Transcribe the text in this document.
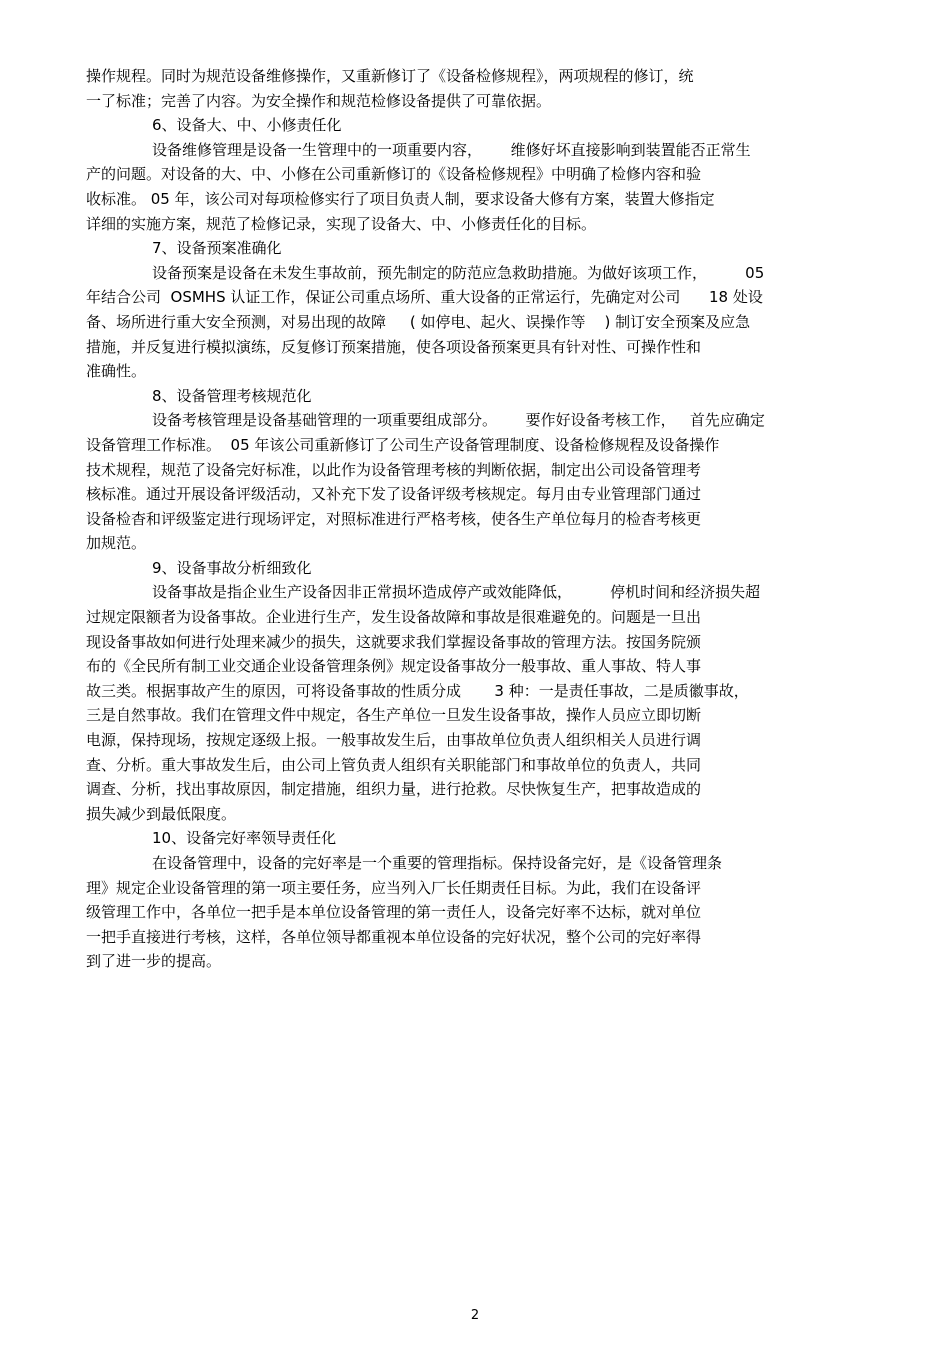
操作规程。同时为规范设备维修操作，又重新修订了《设备检修规程》，两项规程的修订，统
一了标准；完善了内容。为安全操作和规范检修设备提供了可靠依据。
6、设备大、中、小修责任化
设备维修管理是设备一生管理中的一项重要内容，      维修好坏直接影响到装置能否正常生
产的问题。对设备的大、中、小修在公司重新修订的《设备检修规程》中明确了检修内容和验
收标准。 05 年，该公司对每项检修实行了项目负责人制，要求设备大修有方案，装置大修指定
详细的实施方案，规范了检修记录，实现了设备大、中、小修责任化的目标。
7、设备预案准确化
设备预案是设备在未发生事故前，预先制定的防范应急救助措施。为做好该项工作，        05
年结合公司  OSMHS 认证工作，保证公司重点场所、重大设备的正常运行，先确定对公司      18 处设
备、场所进行重大安全预测，对易出现的故障     ( 如停电、起火、误操作等    ) 制订安全预案及应急
措施，并反复进行模拟演练，反复修订预案措施，使各项设备预案更具有针对性、可操作性和
准确性。
8、设备管理考核规范化
设备考核管理是设备基础管理的一项重要组成部分。      要作好设备考核工作，   首先应确定
设备管理工作标准。  05 年该公司重新修订了公司生产设备管理制度、设备检修规程及设备操作
技术规程，规范了设备完好标准，以此作为设备管理考核的判断依据，制定出公司设备管理考
核标准。通过开展设备评级活动，又补充下发了设备评级考核规定。每月由专业管理部门通过
设备检杳和评级鉴定进行现场评定，对照标准进行严格考核，使各生产单位每月的检杳考核更
加规范。
9、设备事故分析细致化
设备事故是指企业生产设备因非正常损坏造成停产或效能降低，        停机时间和经济损失超
过规定限额者为设备事故。企业进行生产，发生设备故障和事故是很难避免的。问题是一旦出
现设备事故如何进行处理来减少的损失，这就要求我们掌握设备事故的管理方法。按国务院颁
布的《全民所有制工业交通企业设备管理条例》规定设备事故分一般事故、重人事故、特人事
故三类。根据事故产生的原因，可将设备事故的性质分成       3 种：一是责任事故，二是质徽事故，
三是自然事故。我们在管理文件中规定，各生产单位一旦发生设备事故，操作人员应立即切断
电源，保持现场，按规定逐级上报。一般事故发生后，由事故单位负责人组织相关人员进行调
查、分析。重大事故发生后，由公司上管负责人组织有关职能部门和事故单位的负责人，共同
调查、分析，找出事故原因，制定措施，组织力量，进行抢救。尽快恢复生产，把事故造成的
损失减少到最低限度。
10、设备完好率领导责任化
在设备管理中，设备的完好率是一个重要的管理指标。保持设备完好，是《设备管理条
理》规定企业设备管理的第一项主要任务，应当列入厂长任期责任目标。为此，我们在设备评
级管理工作中，各单位一把手是本单位设备管理的第一责任人，设备完好率不达标，就对单位
一把手直接进行考核，这样，各单位领导都重视本单位设备的完好状况，整个公司的完好率得
到了进一步的提高。
2
